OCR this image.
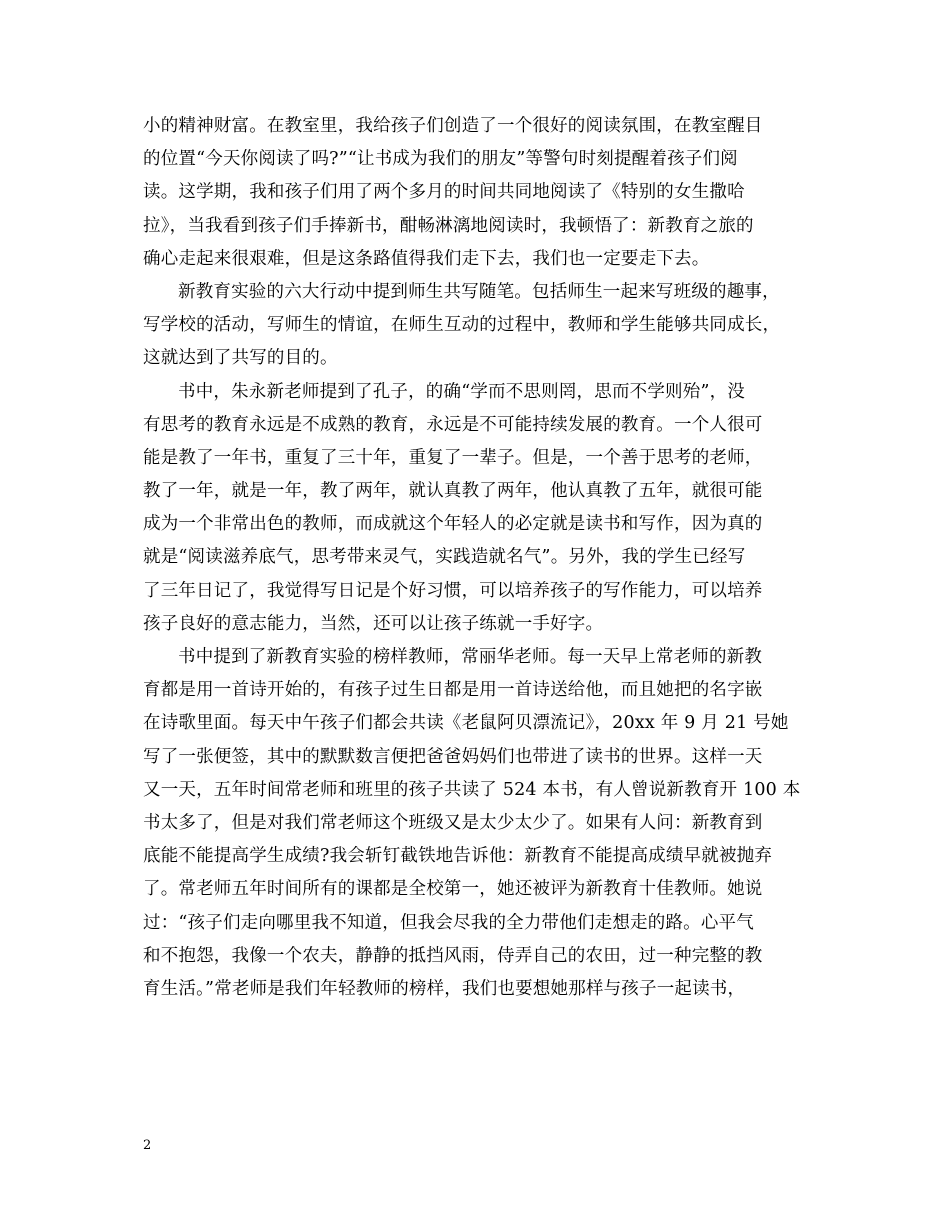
小的精神财富。在教室里，我给孩子们创造了一个很好的阅读氛围，在教室醒目
的位置“今天你阅读了吗?”“让书成为我们的朋友”等警句时刻提醒着孩子们阅
读。这学期，我和孩子们用了两个多月的时间共同地阅读了《特别的女生撒哈
拉》，当我看到孩子们手捧新书，酣畅淋漓地阅读时，我顿悟了：新教育之旅的
确心走起来很艰难，但是这条路值得我们走下去，我们也一定要走下去。
新教育实验的六大行动中提到师生共写随笔。包括师生一起来写班级的趣事，
写学校的活动，写师生的情谊，在师生互动的过程中，教师和学生能够共同成长，
这就达到了共写的目的。
书中，朱永新老师提到了孔子，的确“学而不思则罔，思而不学则殆”，没
有思考的教育永远是不成熟的教育，永远是不可能持续发展的教育。一个人很可
能是教了一年书，重复了三十年，重复了一辈子。但是，一个善于思考的老师，
教了一年，就是一年，教了两年，就认真教了两年，他认真教了五年，就很可能
成为一个非常出色的教师，而成就这个年轻人的必定就是读书和写作，因为真的
就是“阅读滋养底气，思考带来灵气，实践造就名气”。另外，我的学生已经写
了三年日记了，我觉得写日记是个好习惯，可以培养孩子的写作能力，可以培养
孩子良好的意志能力，当然，还可以让孩子练就一手好字。
书中提到了新教育实验的榜样教师，常丽华老师。每一天早上常老师的新教
育都是用一首诗开始的，有孩子过生日都是用一首诗送给他，而且她把的名字嵌
在诗歌里面。每天中午孩子们都会共读《老鼠阿贝漂流记》，20xx 年 9 月 21 号她
写了一张便签，其中的默默数言便把爸爸妈妈们也带进了读书的世界。这样一天
又一天，五年时间常老师和班里的孩子共读了 524 本书，有人曾说新教育开 100 本
书太多了，但是对我们常老师这个班级又是太少太少了。如果有人问：新教育到
底能不能提高学生成绩?我会斩钉截铁地告诉他：新教育不能提高成绩早就被抛弃
了。常老师五年时间所有的课都是全校第一，她还被评为新教育十佳教师。她说
过：“孩子们走向哪里我不知道，但我会尽我的全力带他们走想走的路。心平气
和不抱怨，我像一个农夫，静静的抵挡风雨，侍弄自己的农田，过一种完整的教
育生活。”常老师是我们年轻教师的榜样，我们也要想她那样与孩子一起读书，
2
